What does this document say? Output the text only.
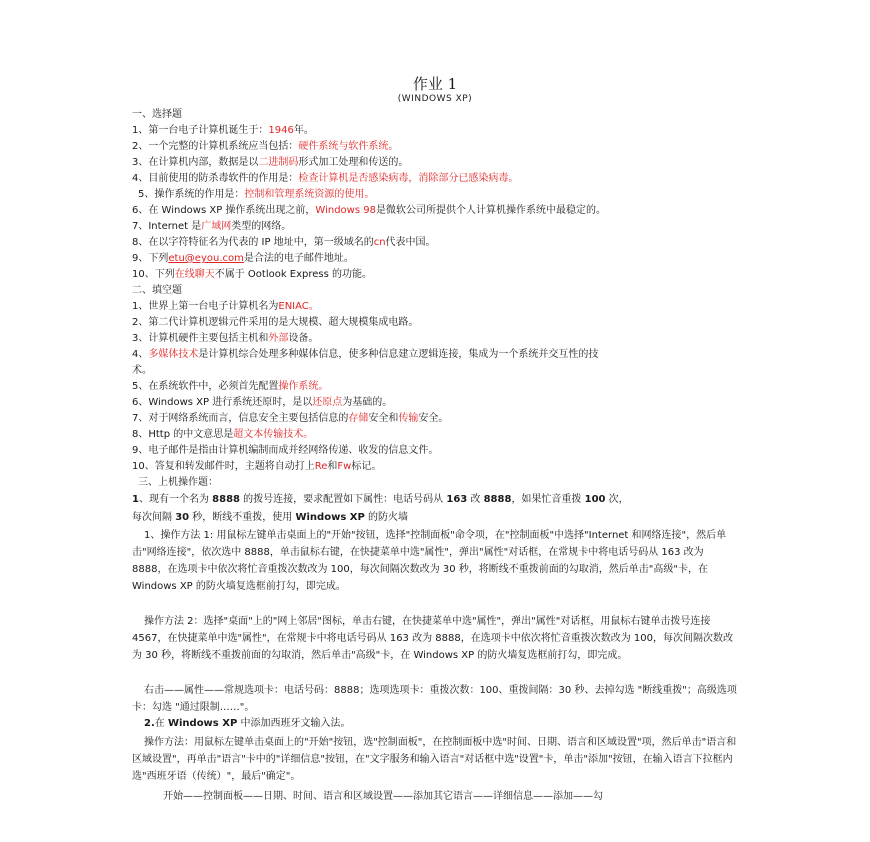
作业 1
(WINDOWS XP)
一、选择题
1、第一台电子计算机诞生于：1946年。
2、一个完整的计算机系统应当包括：硬件系统与软件系统。
3、在计算机内部，数据是以二进制码形式加工处理和传送的。
4、目前使用的防杀毒软件的作用是：检查计算机是否感染病毒，消除部分已感染病毒。
5、操作系统的作用是：控制和管理系统资源的使用。
6、在 Windows XP 操作系统出现之前，Windows 98是微软公司所提供个人计算机操作系统中最稳定的。
7、Internet 是广域网类型的网络。
8、在以字符特征名为代表的 IP 地址中，第一级域名的cn代表中国。
9、下列etu@eyou.com是合法的电子邮件地址。
10、下列在线聊天不属于 Ootlook Express 的功能。
二、填空题
1、世界上第一台电子计算机名为ENIAC。
2、第二代计算机逻辑元件采用的是大规模、超大规模集成电路。
3、计算机硬件主要包括主机和外部设备。
4、多媒体技术是计算机综合处理多种媒体信息，使多种信息建立逻辑连接，集成为一个系统并交互性的技
术。
5、在系统软件中，必须首先配置操作系统。
6、Windows XP 进行系统还原时，是以还原点为基础的。
7、对于网络系统而言，信息安全主要包括信息的存储安全和传输安全。
8、Http 的中文意思是超文本传输技术。
9、电子邮件是指由计算机编制而成并经网络传递、收发的信息文件。
10、答复和转发邮件时，主题将自动打上Re和Fw标记。
三、上机操作题：
1、现有一个名为 8888 的拨号连接，要求配置如下属性：电话号码从 163 改 8888，如果忙音重拨 100 次，
每次间隔 30 秒，断线不重拨，使用 Windows XP 的防火墙
1、操作方法 1: 用鼠标左键单击桌面上的"开始"按钮，选择"控制面板"命令项，在"控制面板"中选择"Internet 和网络连接"，然后单击"网络连接"，依次选中 8888，单击鼠标右键，在快捷菜单中选"属性"，弹出"属性"对话框，在常规卡中将电话号码从 163 改为 8888，在选项卡中依次将忙音重拨次数改为 100，每次间隔次数改为 30 秒，将断线不重拨前面的勾取消，然后单击"高级"卡，在 Windows XP 的防火墙复选框前打勾，即完成。
操作方法 2：选择"桌面"上的"网上邻居"图标，单击右键，在快捷菜单中选"属性"，弹出"属性"对话框，用鼠标右键单击拨号连接 4567，在快捷菜单中选"属性"，在常规卡中将电话号码从 163 改为 8888，在选项卡中依次将忙音重拨次数改为 100，每次间隔次数改为 30 秒，将断线不重拨前面的勾取消，然后单击"高级"卡，在 Windows XP 的防火墙复选框前打勾，即完成。
右击——属性——常规选项卡：电话号码：8888；选项选项卡：重拨次数：100、重拨间隔：30 秒、去掉勾选 "断线重拨"；高级选项卡：勾选 "通过限制……"。
2.在 Windows XP 中添加西班牙文输入法。
操作方法：用鼠标左键单击桌面上的"开始"按钮，选"控制面板"，在控制面板中选"时间、日期、语言和区域设置"项，然后单击"语言和区域设置"，再单击"语言"卡中的"详细信息"按钮，在"文字服务和输入语言"对话框中选"设置"卡，单击"添加"按钮，在输入语言下拉框内选"西班牙语（传统）"，最后"确定"。
开始——控制面板——日期、时间、语言和区域设置——添加其它语言——详细信息——添加——勾
